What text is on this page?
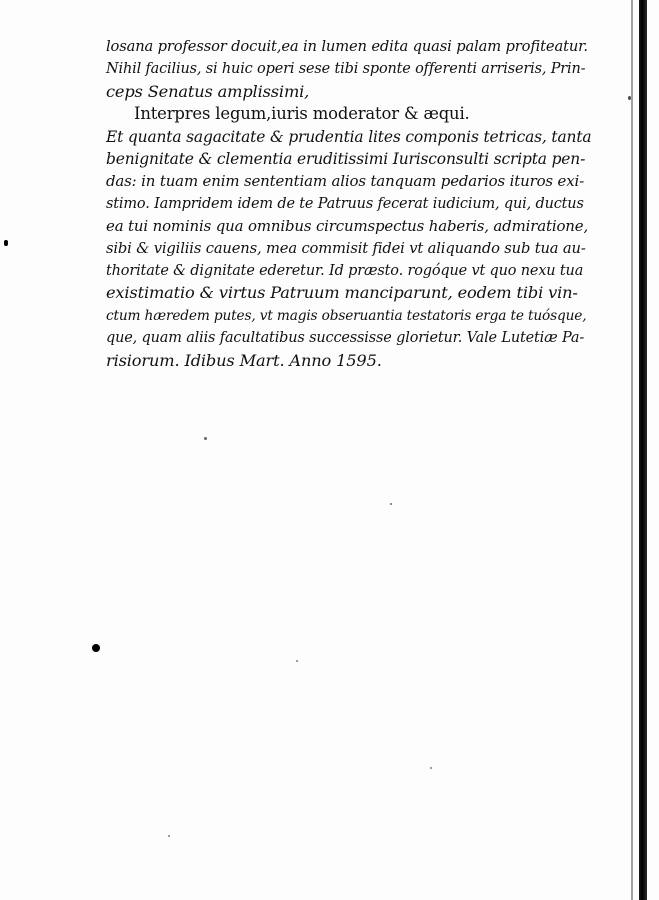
losana professor docuit,ea in lumen edita quasi palam profiteatur.
Nihil facilius, si huic operi sese tibi sponte offerenti arriseris, Prin-
ceps Senatus amplissimi,
Interpres legum,iuris moderator & æqui.
Et quanta sagacitate & prudentia lites componis tetricas, tanta
benignitate & clementia eruditissimi Iurisconsulti scripta pen-
das: in tuam enim sententiam alios tanquam pedarios ituros exi-
stimo. Iampridem idem de te Patruus fecerat iudicium, qui, ductus
ea tui nominis qua omnibus circumspectus haberis, admiratione,
sibi & vigiliis cauens, mea commisit fidei vt aliquando sub tua au-
thoritate & dignitate ederetur. Id præsto. rogóque vt quo nexu tua
existimatio & virtus Patruum manciparunt, eodem tibi vin-
ctum hæredem putes, vt magis obseruantia testatoris erga te tuósque,
que, quam aliis facultatibus successisse glorietur. Vale Lutetiæ Pa-
risiorum. Idibus Mart. Anno 1595.
